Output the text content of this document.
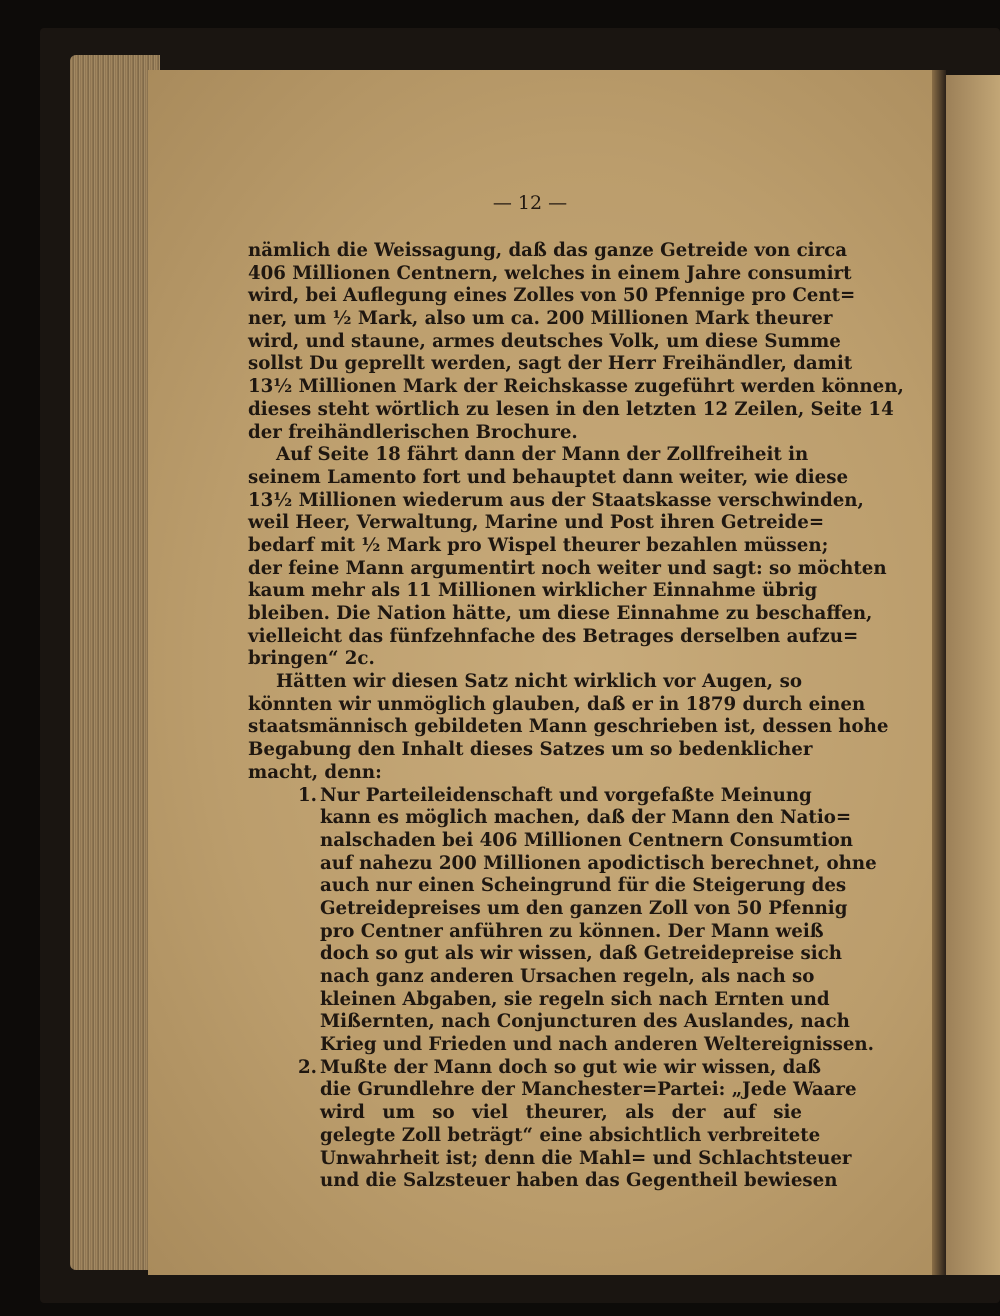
— 12 —
nämlich die Weissagung, daß das ganze Getreide von circa
406 Millionen Centnern, welches in einem Jahre consumirt
wird, bei Auflegung eines Zolles von 50 Pfennige pro Cent=
ner, um ½ Mark, also um ca. 200 Millionen Mark theurer
wird, und staune, armes deutsches Volk, um diese Summe
sollst Du geprellt werden, sagt der Herr Freihändler, damit
13½ Millionen Mark der Reichskasse zugeführt werden können,
dieses steht wörtlich zu lesen in den letzten 12 Zeilen, Seite 14
der freihändlerischen Brochure.
Auf Seite 18 fährt dann der Mann der Zollfreiheit in
seinem Lamento fort und behauptet dann weiter, wie diese
13½ Millionen wiederum aus der Staatskasse verschwinden,
weil Heer, Verwaltung, Marine und Post ihren Getreide=
bedarf mit ½ Mark pro Wispel theurer bezahlen müssen;
der feine Mann argumentirt noch weiter und sagt: so möchten
kaum mehr als 11 Millionen wirklicher Einnahme übrig
bleiben. Die Nation hätte, um diese Einnahme zu beschaffen,
vielleicht das fünfzehnfache des Betrages derselben aufzu=
bringen“ 2c.
Hätten wir diesen Satz nicht wirklich vor Augen, so
könnten wir unmöglich glauben, daß er in 1879 durch einen
staatsmännisch gebildeten Mann geschrieben ist, dessen hohe
Begabung den Inhalt dieses Satzes um so bedenklicher
macht, denn:
1. Nur Parteileidenschaft und vorgefaßte Meinung
kann es möglich machen, daß der Mann den Natio=
nalschaden bei 406 Millionen Centnern Consumtion
auf nahezu 200 Millionen apodictisch berechnet, ohne
auch nur einen Scheingrund für die Steigerung des
Getreidepreises um den ganzen Zoll von 50 Pfennig
pro Centner anführen zu können. Der Mann weiß
doch so gut als wir wissen, daß Getreidepreise sich
nach ganz anderen Ursachen regeln, als nach so
kleinen Abgaben, sie regeln sich nach Ernten und
Mißernten, nach Conjuncturen des Auslandes, nach
Krieg und Frieden und nach anderen Weltereignissen.
2. Mußte der Mann doch so gut wie wir wissen, daß
die Grundlehre der Manchester=Partei: „Jede Waare
wird um so viel theurer, als der auf sie
gelegte Zoll beträgt“ eine absichtlich verbreitete
Unwahrheit ist; denn die Mahl= und Schlachtsteuer
und die Salzsteuer haben das Gegentheil bewiesen
